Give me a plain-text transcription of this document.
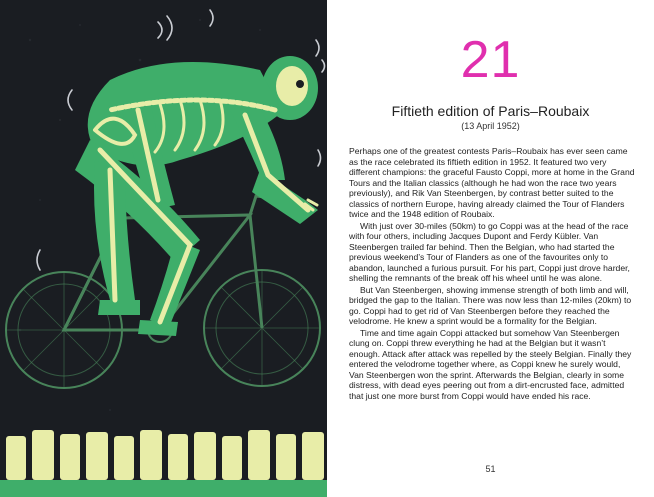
21
Fiftieth edition of Paris–Roubaix
(13 April 1952)

Perhaps one of the greatest contests Paris–Roubaix has ever seen came as the race celebrated its fiftieth edition in 1952. It featured two very different champions: the graceful Fausto Coppi, more at home in the Grand Tours and the Italian classics (although he had won the race two years previously), and Rik Van Steenbergen, by contrast better suited to the classics of northern Europe, having already claimed the Tour of Flanders twice and the 1948 edition of Roubaix.

With just over 30-miles (50km) to go Coppi was at the head of the race with four others, including Jacques Dupont and Ferdy Kübler. Van Steenbergen trailed far behind. Then the Belgian, who had started the previous weekend’s Tour of Flanders as one of the favourites only to abandon, launched a furious pursuit. For his part, Coppi just drove harder, shelling the remnants of the break off his wheel until he was alone.

But Van Steenbergen, showing immense strength of both limb and will, bridged the gap to the Italian. There was now less than 12-miles (20km) to go. Coppi had to get rid of Van Steenbergen before they reached the velodrome. He knew a sprint would be a formality for the Belgian.

Time and time again Coppi attacked but somehow Van Steenbergen clung on. Coppi threw everything he had at the Belgian but it wasn’t enough. Attack after attack was repelled by the steely Belgian. Finally they entered the velodrome together where, as Coppi knew he surely would, Van Steenbergen won the sprint. Afterwards the Belgian, clearly in some distress, with dead eyes peering out from a dirt-encrusted face, admitted that just one more burst from Coppi would have ended his race.

51
